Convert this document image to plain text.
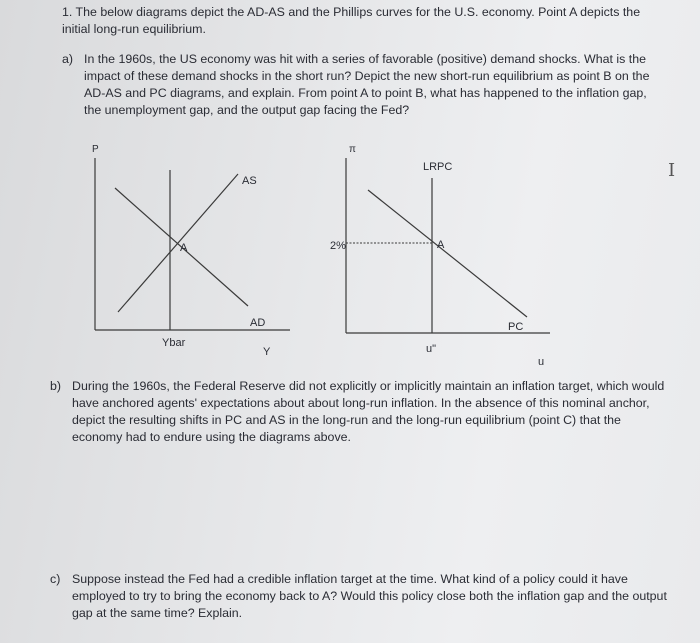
1. The below diagrams depict the AD-AS and the Phillips curves for the U.S. economy. Point A depicts the initial long-run equilibrium.

a) In the 1960s, the US economy was hit with a series of favorable (positive) demand shocks. What is the impact of these demand shocks in the short run? Depict the new short-run equilibrium as point B on the AD-AS and PC diagrams, and explain. From point A to point B, what has happened to the inflation gap, the unemployment gap, and the output gap facing the Fed?

P
AS
AD
A
Ybar
Y
π
LRPC
A
2%
PC
u"
u
I

b) During the 1960s, the Federal Reserve did not explicitly or implicitly maintain an inflation target, which would have anchored agents' expectations about about long-run inflation. In the absence of this nominal anchor, depict the resulting shifts in PC and AS in the long-run and the long-run equilibrium (point C) that the economy had to endure using the diagrams above.

c) Suppose instead the Fed had a credible inflation target at the time. What kind of a policy could it have employed to try to bring the economy back to A? Would this policy close both the inflation gap and the output gap at the same time? Explain.
